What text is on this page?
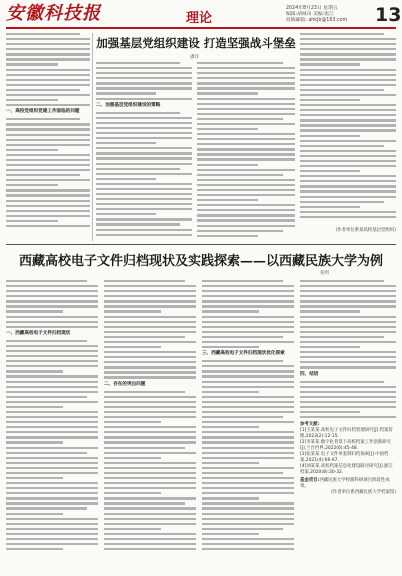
安徽科技报	理论
2024年8月23日 星期五
编辑:胡咏田 美编:张江
投稿邮箱: ahkjb@163.com 13
一、高校党组织党建工作面临的问题
加强基层党组织建设 打造坚强战斗堡垒
潘洋
二、加强基层党组织建设的策略
(作者单位系某高校基层党组织)
西藏高校电子文件归档现状及实践探索——以西藏民族大学为例
张明
一、西藏高校电子文件归档现状
二、存在的突出问题
三、西藏高校电子文件归档现状优化探索
四、结语
参考文献:
[1]王某某.高校电子文件归档管理研究[J].档案管理,2023(2):12-15.
[2]李某某.数字化背景下高校档案工作创新研究[J].兰台世界,2022(6):45-48.
[3]张某某.电子文件单套制归档探索[J].中国档案,2021(4):66-67.
[4]刘某某.高校档案信息化建设路径研究[J].浙江档案,2020(8):30-32.
基金项目:西藏民族大学校级科研项目阶段性成果。
(作者单位系西藏民族大学档案馆)
